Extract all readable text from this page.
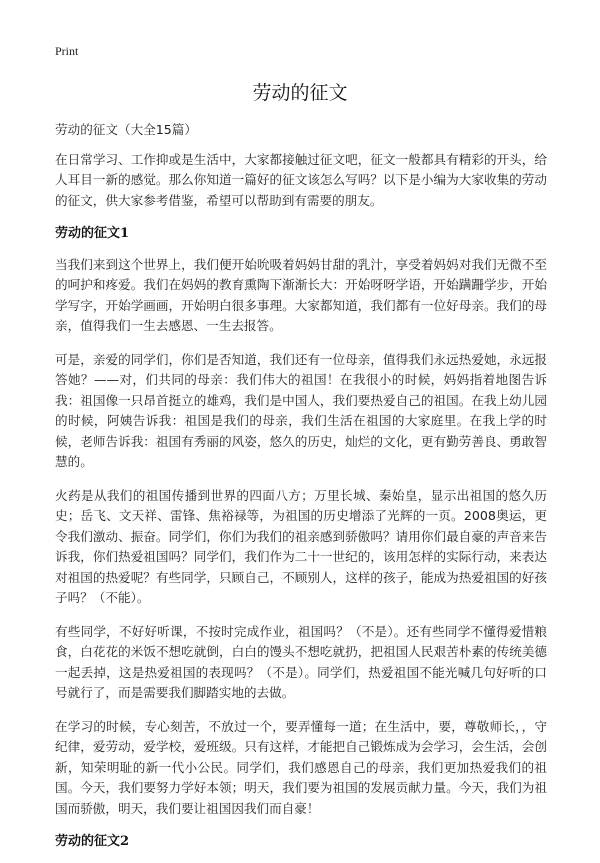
Print
劳动的征文

劳动的征文（大全15篇）

在日常学习、工作抑或是生活中，大家都接触过征文吧，征文一般都具有精彩的开头，给人耳目一新的感觉。那么你知道一篇好的征文该怎么写吗？以下是小编为大家收集的劳动的征文，供大家参考借鉴，希望可以帮助到有需要的朋友。

劳动的征文1

当我们来到这个世界上，我们便开始吮吸着妈妈甘甜的乳汁，享受着妈妈对我们无微不至的呵护和疼爱。我们在妈妈的教育熏陶下渐渐长大：开始呀呀学语，开始蹒跚学步，开始学写字，开始学画画，开始明白很多事理。大家都知道，我们都有一位好母亲。我们的母亲，值得我们一生去感恩、一生去报答。

可是，亲爱的同学们，你们是否知道，我们还有一位母亲，值得我们永远热爱她，永远报答她？——对，们共同的母亲：我们伟大的祖国！在我很小的时候，妈妈指着地图告诉我：祖国像一只昂首挺立的雄鸡，我们是中国人，我们要热爱自己的祖国。在我上幼儿园的时候，阿姨告诉我：祖国是我们的母亲，我们生活在祖国的大家庭里。在我上学的时候，老师告诉我：祖国有秀丽的风姿，悠久的历史，灿烂的文化，更有勤劳善良、勇敢智慧的。

火药是从我们的祖国传播到世界的四面八方；万里长城、秦始皇，显示出祖国的悠久历史；岳飞、文天祥、雷锋、焦裕禄等，为祖国的历史增添了光辉的一页。2008奥运，更令我们激动、振奋。同学们，你们为我们的祖亲感到骄傲吗？请用你们最自豪的声音来告诉我，你们热爱祖国吗？同学们，我们作为二十一世纪的，该用怎样的实际行动，来表达对祖国的热爱呢？有些同学，只顾自己，不顾别人，这样的孩子，能成为热爱祖国的好孩子吗？（不能）。

有些同学，不好好听课，不按时完成作业，祖国吗？（不是）。还有些同学不懂得爱惜粮食，白花花的米饭不想吃就倒，白白的馒头不想吃就扔，把祖国人民艰苦朴素的传统美德一起丢掉，这是热爱祖国的表现吗？（不是）。同学们，热爱祖国不能光喊几句好听的口号就行了，而是需要我们脚踏实地的去做。

在学习的时候，专心刻苦，不放过一个，要弄懂每一道；在生活中，要，尊敬师长，，守纪律，爱劳动，爱学校，爱班级。只有这样，才能把自己锻炼成为会学习，会生活，会创新，知荣明耻的新一代小公民。同学们，我们感恩自己的母亲，我们更加热爱我们的祖国。今天，我们要努力学好本领；明天，我们要为祖国的发展贡献力量。今天，我们为祖国而骄傲，明天，我们要让祖国因我们而自豪！

劳动的征文2
